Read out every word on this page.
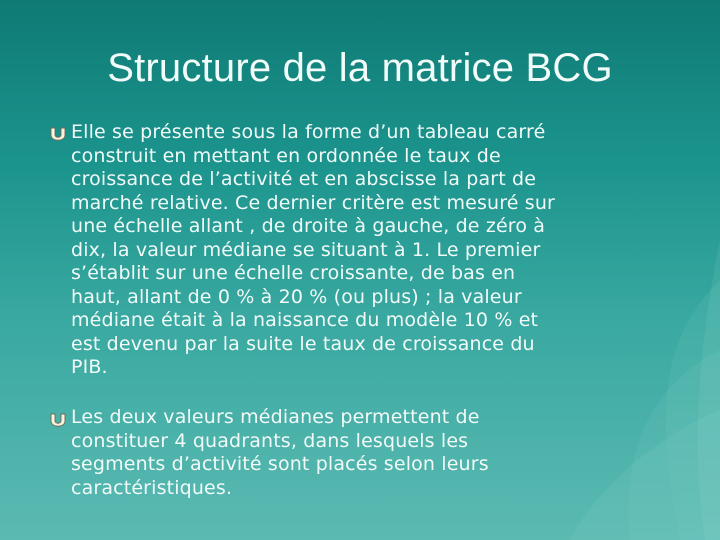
Structure de la matrice BCG
Elle se présente sous la forme d’un tableau carré
construit en mettant en ordonnée le taux de
croissance de l’activité et en abscisse la part de
marché relative. Ce dernier critère est mesuré sur
une échelle allant , de droite à gauche, de zéro à
dix, la valeur médiane se situant à 1. Le premier
s’établit sur une échelle croissante, de bas en
haut, allant de 0 % à 20 % (ou plus) ; la valeur
médiane était à la naissance du modèle 10 % et
est devenu par la suite le taux de croissance du
PIB.
Les deux valeurs médianes permettent de
constituer 4 quadrants, dans lesquels les
segments d’activité sont placés selon leurs
caractéristiques.
